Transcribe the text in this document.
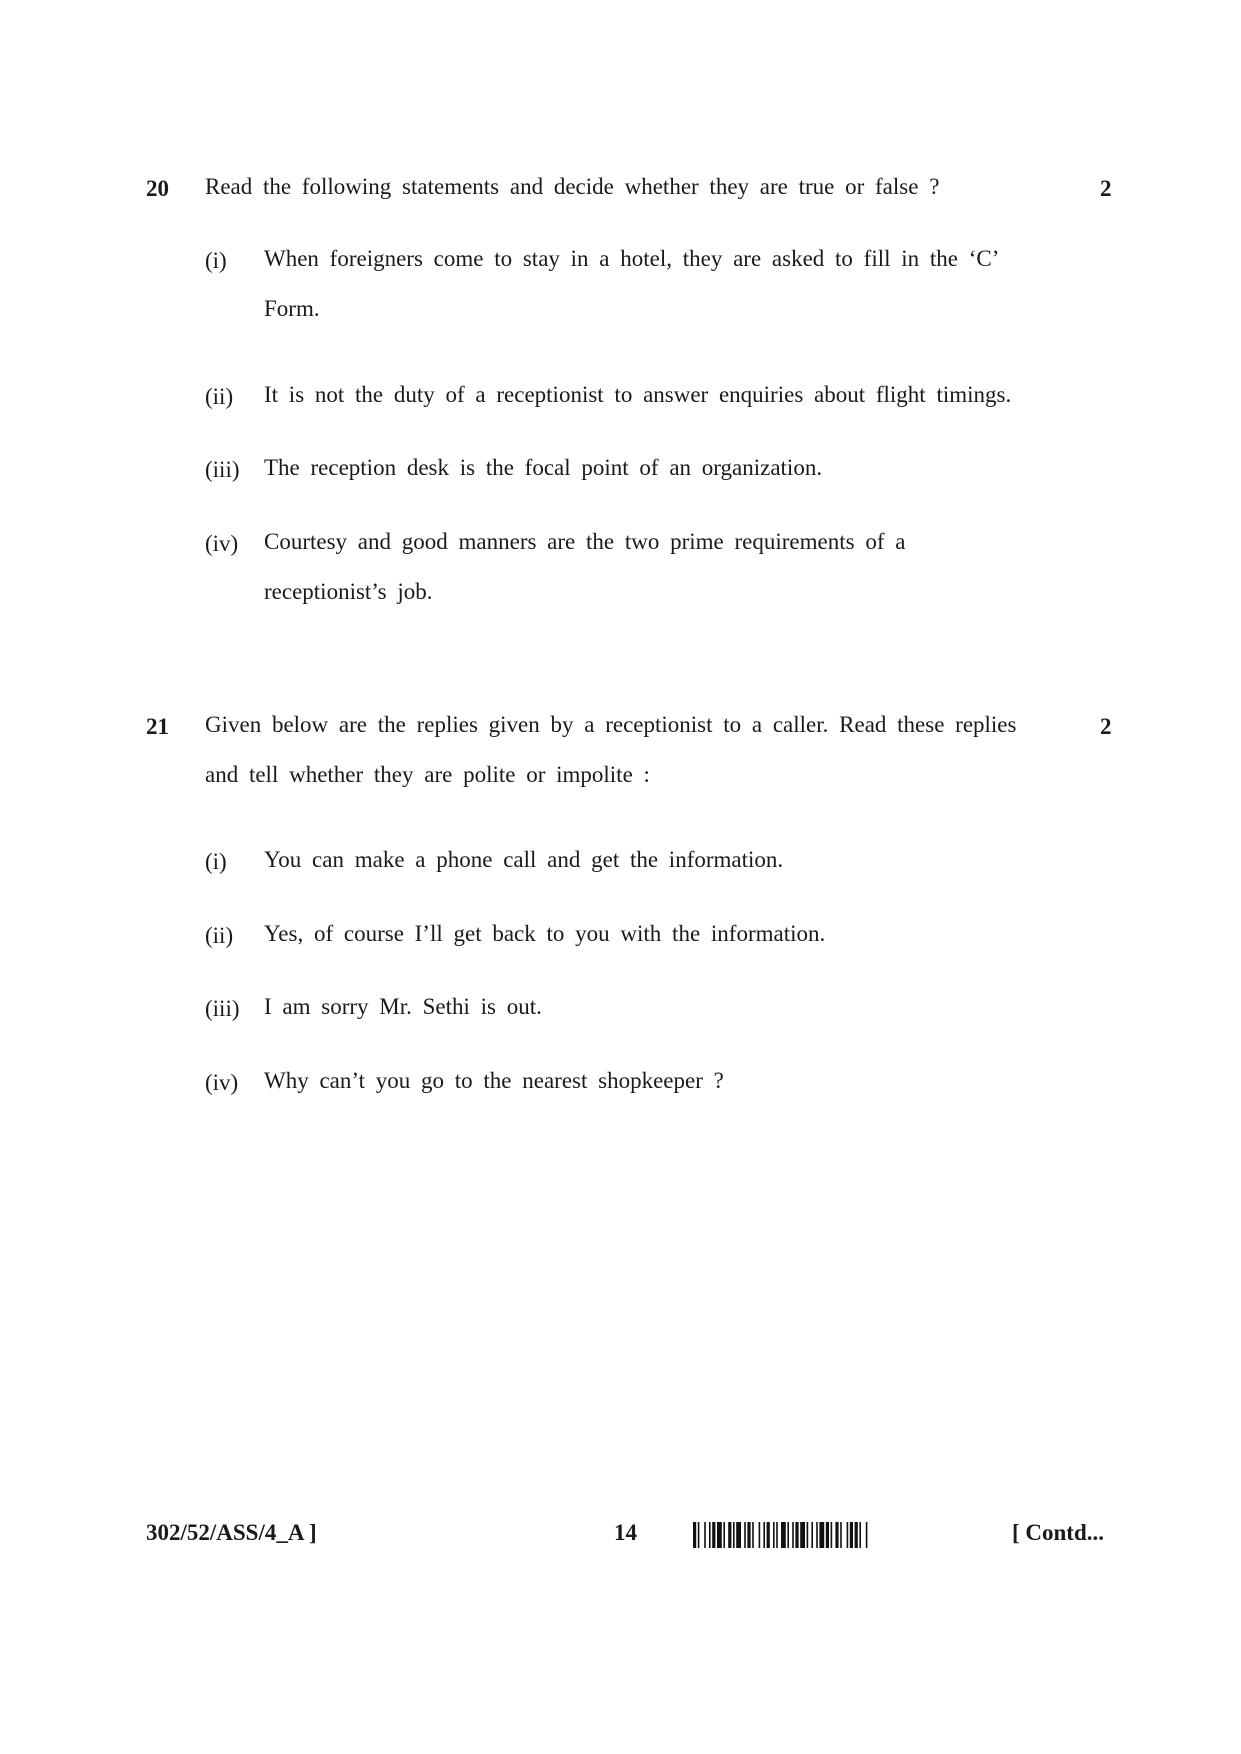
20 Read the following statements and decide whether they are true or false ?	2
(i) When foreigners come to stay in a hotel, they are asked to fill in the ‘C’ Form.
(ii) It is not the duty of a receptionist to answer enquiries about flight timings.
(iii) The reception desk is the focal point of an organization.
(iv) Courtesy and good manners are the two prime requirements of a receptionist’s job.
21 Given below are the replies given by a receptionist to a caller. Read these replies and tell whether they are polite or impolite :
2
(i) You can make a phone call and get the information.
(ii) Yes, of course I’ll get back to you with the information.
(iii) I am sorry Mr. Sethi is out.
(iv) Why can’t you go to the nearest shopkeeper ?
302/52/ASS/4_A ]	14	[ Contd...
